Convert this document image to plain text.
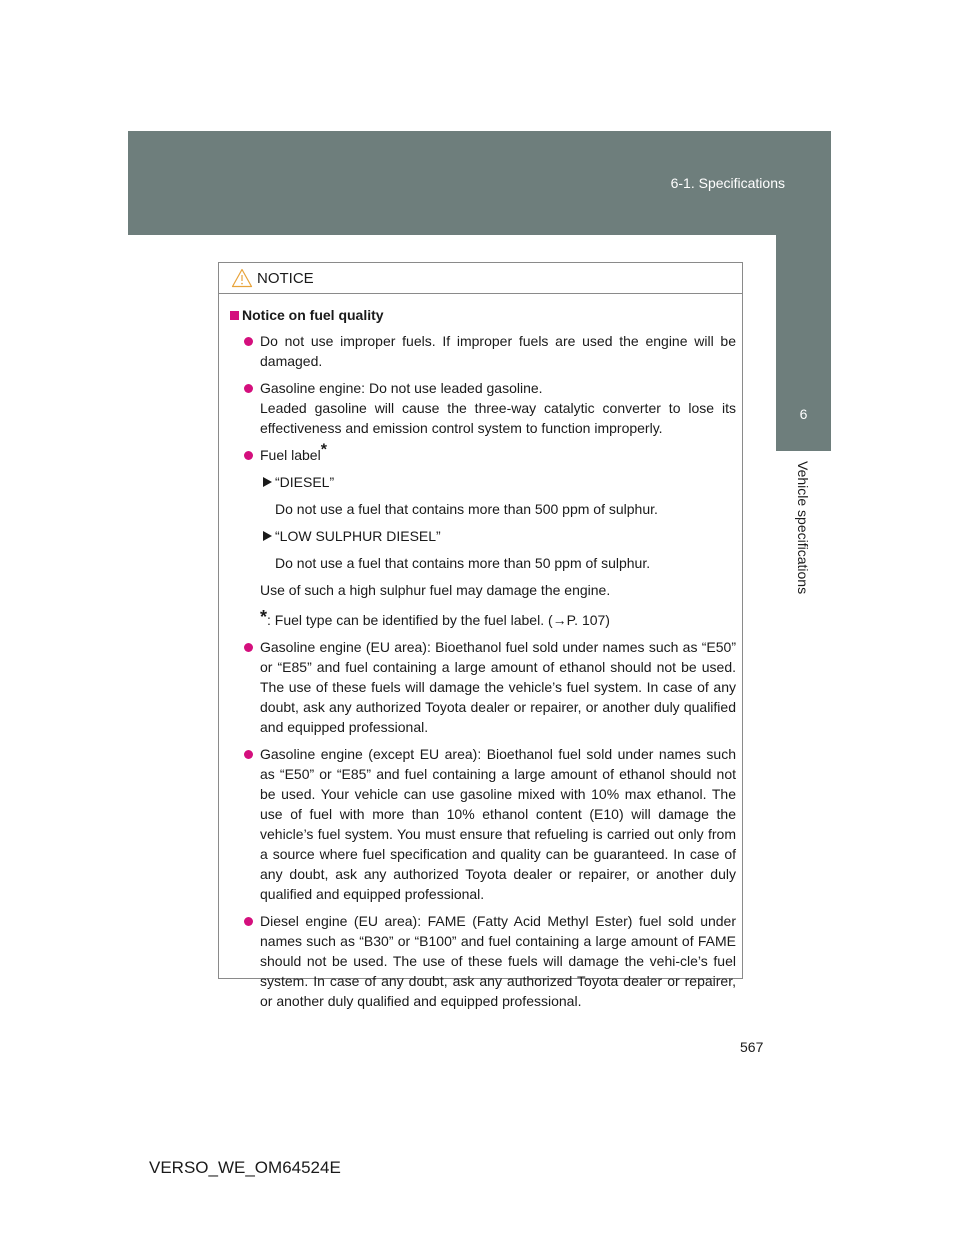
6-1. Specifications
6
Vehicle specifications
NOTICE
Notice on fuel quality
Do not use improper fuels. If improper fuels are used the engine will be damaged.
Gasoline engine: Do not use leaded gasoline.
Leaded gasoline will cause the three-way catalytic converter to lose its effectiveness and emission control system to function improperly.
Fuel label*
“DIESEL”
Do not use a fuel that contains more than 500 ppm of sulphur.
“LOW SULPHUR DIESEL”
Do not use a fuel that contains more than 50 ppm of sulphur.
Use of such a high sulphur fuel may damage the engine.
*: Fuel type can be identified by the fuel label. (→P. 107)
Gasoline engine (EU area): Bioethanol fuel sold under names such as “E50” or “E85” and fuel containing a large amount of ethanol should not be used. The use of these fuels will damage the vehicle’s fuel system. In case of any doubt, ask any authorized Toyota dealer or repairer, or another duly qualified and equipped professional.
Gasoline engine (except EU area): Bioethanol fuel sold under names such as “E50” or “E85” and fuel containing a large amount of ethanol should not be used. Your vehicle can use gasoline mixed with 10% max ethanol. The use of fuel with more than 10% ethanol content (E10) will damage the vehicle’s fuel system. You must ensure that refueling is carried out only from a source where fuel specification and quality can be guaranteed. In case of any doubt, ask any authorized Toyota dealer or repairer, or another duly qualified and equipped professional.
Diesel engine (EU area): FAME (Fatty Acid Methyl Ester) fuel sold under names such as “B30” or “B100” and fuel containing a large amount of FAME should not be used. The use of these fuels will damage the vehi-cle’s fuel system. In case of any doubt, ask any authorized Toyota dealer or repairer, or another duly qualified and equipped professional.
567
VERSO_WE_OM64524E
